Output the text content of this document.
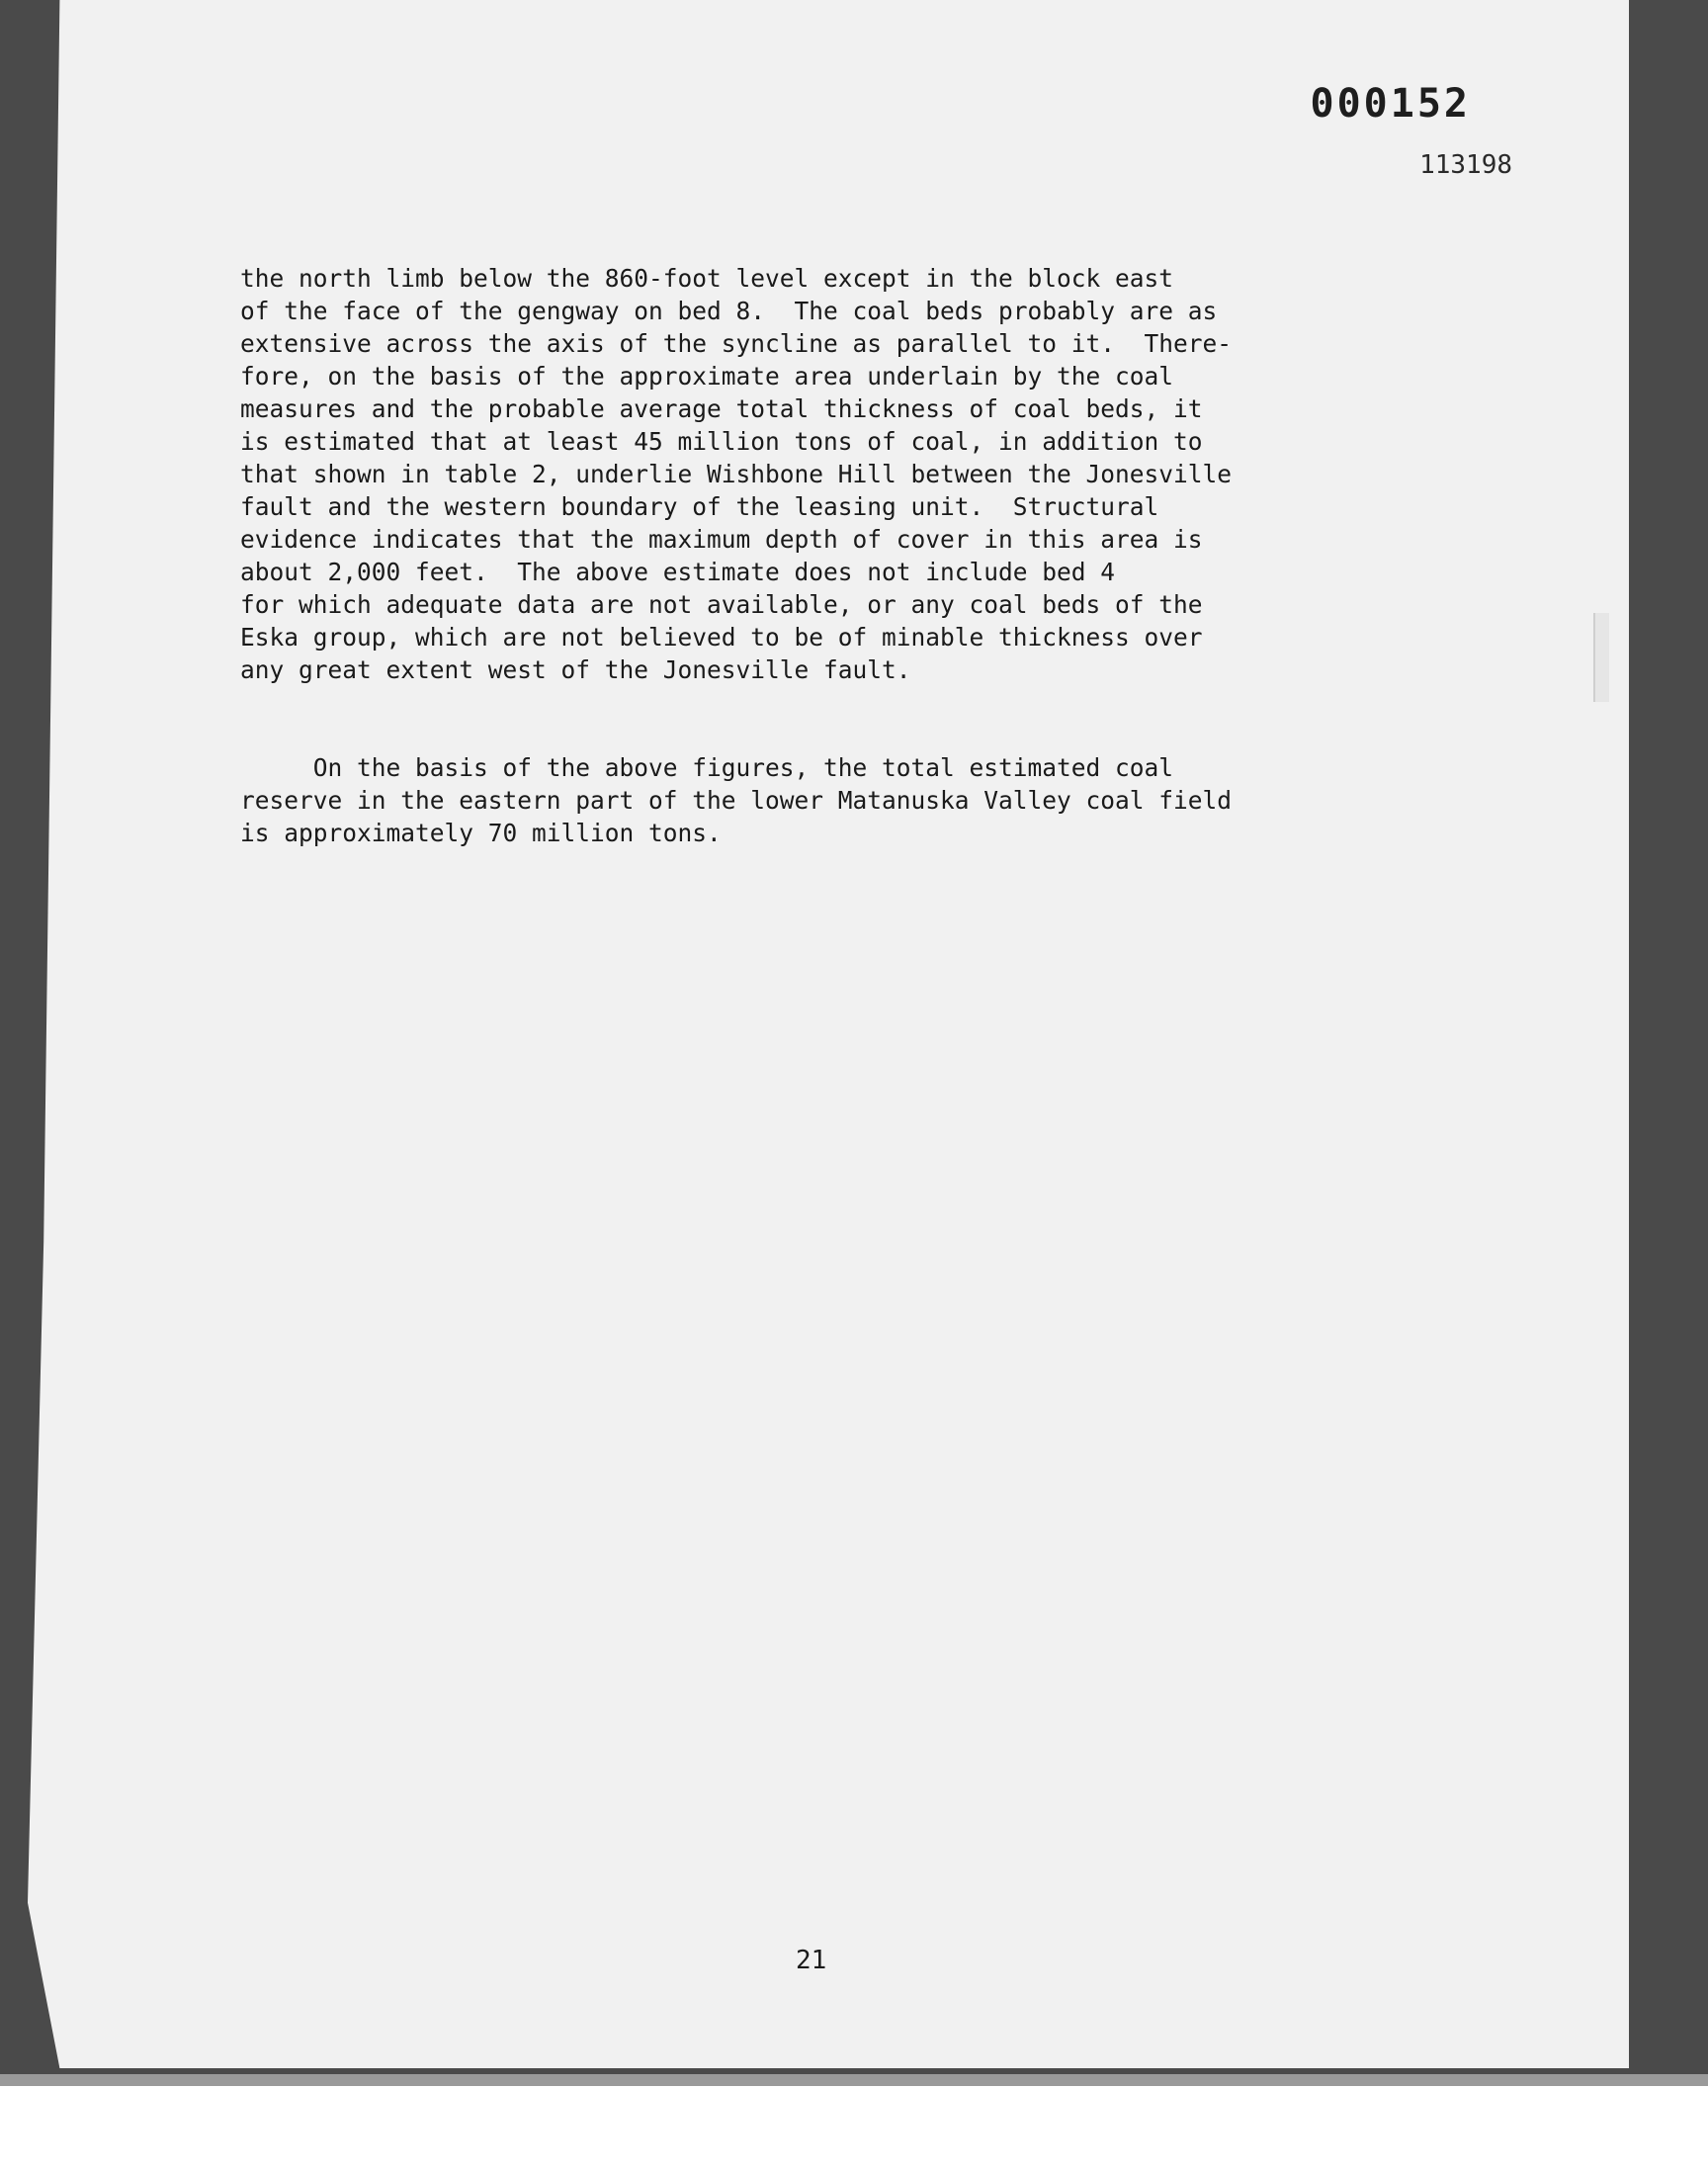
000152

113198

the north limb below the 860-foot level except in the block east
of the face of the gengway on bed 8.  The coal beds probably are as
extensive across the axis of the syncline as parallel to it.  There-
fore, on the basis of the approximate area underlain by the coal
measures and the probable average total thickness of coal beds, it
is estimated that at least 45 million tons of coal, in addition to
that shown in table 2, underlie Wishbone Hill between the Jonesville
fault and the western boundary of the leasing unit.  Structural
evidence indicates that the maximum depth of cover in this area is
about 2,000 feet.  The above estimate does not include bed 4
for which adequate data are not available, or any coal beds of the
Eska group, which are not believed to be of minable thickness over
any great extent west of the Jonesville fault.

On the basis of the above figures, the total estimated coal
reserve in the eastern part of the lower Matanuska Valley coal field
is approximately 70 million tons.

21
